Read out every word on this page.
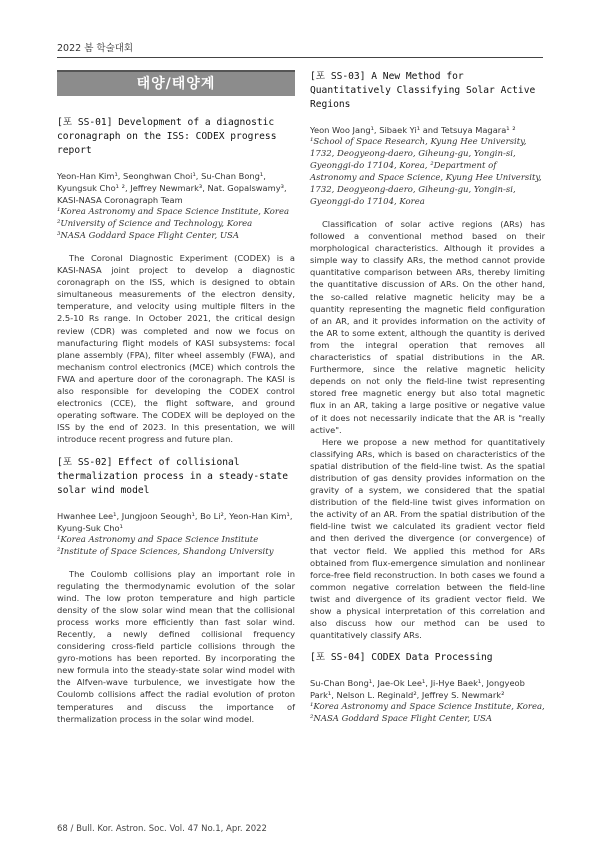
2022 봄 학술대회
태양/태양계
[포 SS-01] Development of a diagnostic coronagraph on the ISS: CODEX progress report
Yeon-Han Kim¹, Seonghwan Choi¹, Su-Chan Bong¹, Kyungsuk Cho¹ ², Jeffrey Newmark³, Nat. Gopalswamy³, KASI-NASA Coronagraph Team
¹Korea Astronomy and Space Science Institute, Korea
²University of Science and Technology, Korea
³NASA Goddard Space Flight Center, USA

The Coronal Diagnostic Experiment (CODEX) is a KASI-NASA joint project to develop a diagnostic coronagraph on the ISS, which is designed to obtain simultaneous measurements of the electron density, temperature, and velocity using multiple filters in the 2.5-10 Rs range. In October 2021, the critical design review (CDR) was completed and now we focus on manufacturing flight models of KASI subsystems: focal plane assembly (FPA), filter wheel assembly (FWA), and mechanism control electronics (MCE) which controls the FWA and aperture door of the coronagraph. The KASI is also responsible for developing the CODEX control electronics (CCE), the flight software, and ground operating software. The CODEX will be deployed on the ISS by the end of 2023. In this presentation, we will introduce recent progress and future plan.

[포 SS-02] Effect of collisional thermalization process in a steady-state solar wind model
Hwanhee Lee¹, Jungjoon Seough¹, Bo Li², Yeon-Han Kim¹, Kyung-Suk Cho¹
¹Korea Astronomy and Space Science Institute
²Institute of Space Sciences, Shandong University

The Coulomb collisions play an important role in regulating the thermodynamic evolution of the solar wind. The low proton temperature and high particle density of the slow solar wind mean that the collisional process works more efficiently than fast solar wind. Recently, a newly defined collisional frequency considering cross-field particle collisions through the gyro-motions has been reported. By incorporating the new formula into the steady-state solar wind model with the Alfven-wave turbulence, we investigate how the Coulomb collisions affect the radial evolution of proton temperatures and discuss the importance of thermalization process in the solar wind model.

[포 SS-03] A New Method for Quantitatively Classifying Solar Active Regions
Yeon Woo Jang¹, Sibaek Yi¹ and Tetsuya Magara¹ ²
¹School of Space Research, Kyung Hee University, 1732, Deogyeong-daero, Giheung-gu, Yongin-si, Gyeonggi-do 17104, Korea, ²Department of Astronomy and Space Science, Kyung Hee University, 1732, Deogyeong-daero, Giheung-gu, Yongin-si, Gyeonggi-do 17104, Korea

Classification of solar active regions (ARs) has followed a conventional method based on their morphological characteristics. Although it provides a simple way to classify ARs, the method cannot provide quantitative comparison between ARs, thereby limiting the quantitative discussion of ARs. On the other hand, the so-called relative magnetic helicity may be a quantity representing the magnetic field configuration of an AR, and it provides information on the activity of the AR to some extent, although the quantity is derived from the integral operation that removes all characteristics of spatial distributions in the AR. Furthermore, since the relative magnetic helicity depends on not only the field-line twist representing stored free magnetic energy but also total magnetic flux in an AR, taking a large positive or negative value of it does not necessarily indicate that the AR is "really active".

Here we propose a new method for quantitatively classifying ARs, which is based on characteristics of the spatial distribution of the field-line twist. As the spatial distribution of gas density provides information on the gravity of a system, we considered that the spatial distribution of the field-line twist gives information on the activity of an AR. From the spatial distribution of the field-line twist we calculated its gradient vector field and then derived the divergence (or convergence) of that vector field. We applied this method for ARs obtained from flux-emergence simulation and nonlinear force-free field reconstruction. In both cases we found a common negative correlation between the field-line twist and divergence of its gradient vector field. We show a physical interpretation of this correlation and also discuss how our method can be used to quantitatively classify ARs.

[포 SS-04] CODEX Data Processing
Su-Chan Bong¹, Jae-Ok Lee¹, Ji-Hye Baek¹, Jongyeob Park¹, Nelson L. Reginald², Jeffrey S. Newmark²
¹Korea Astronomy and Space Science Institute, Korea, ²NASA Goddard Space Flight Center, USA
68 / Bull. Kor. Astron. Soc. Vol. 47 No.1, Apr. 2022
